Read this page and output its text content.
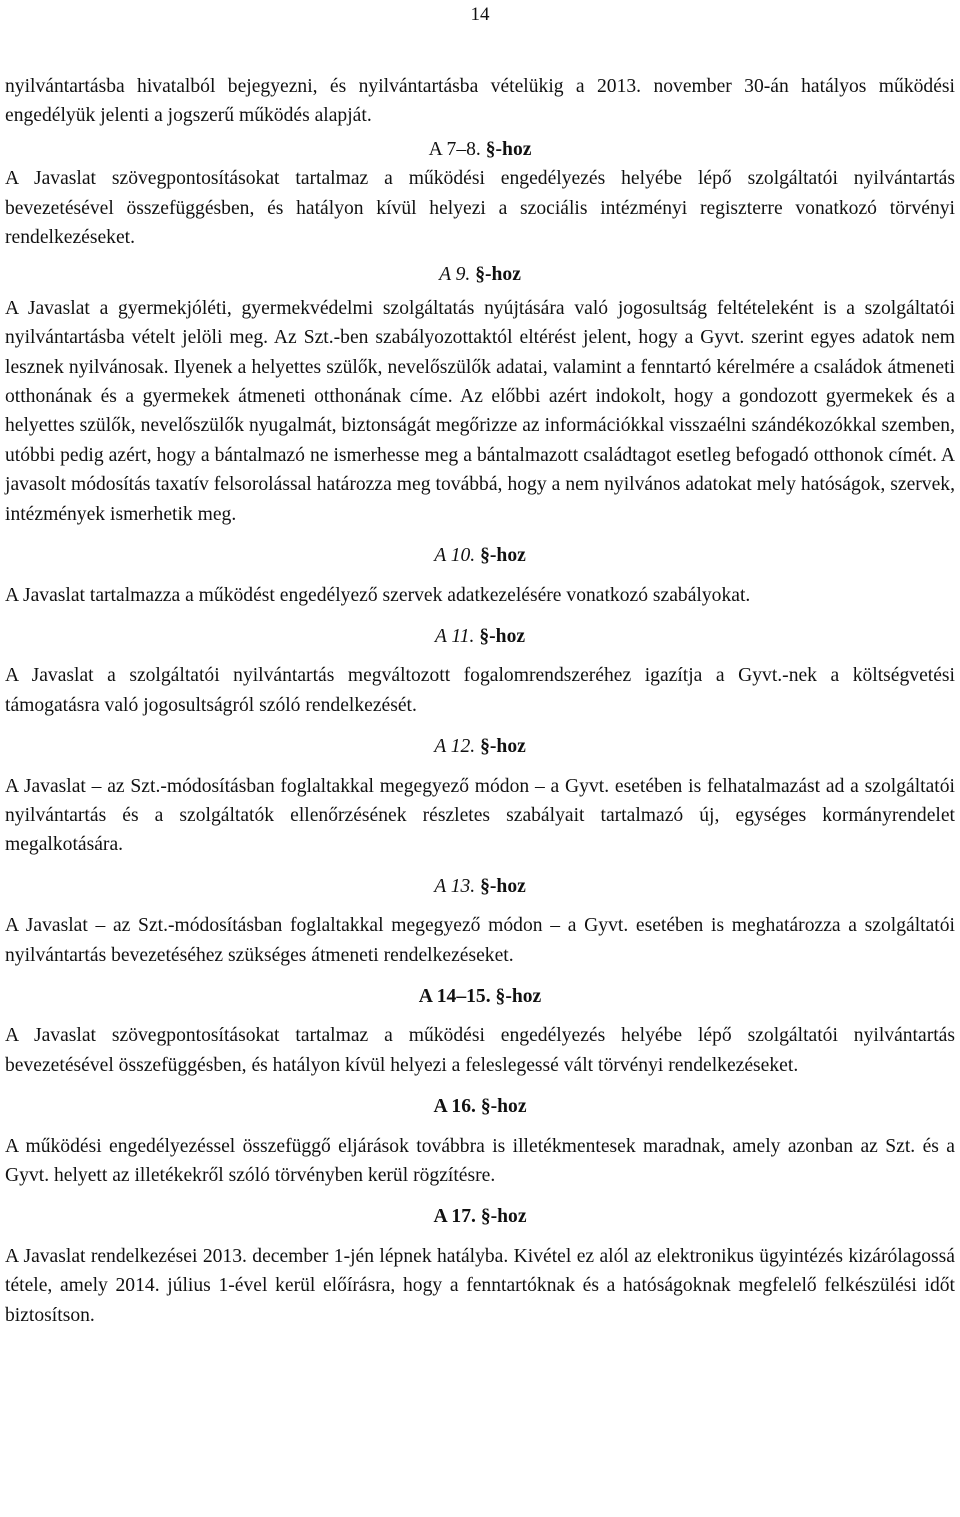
14

nyilvántartásba hivatalból bejegyezni, és nyilvántartásba vételükig a 2013. november 30-án hatályos működési engedélyük jelenti a jogszerű működés alapját.

A 7–8. §-hoz

A Javaslat szövegpontosításokat tartalmaz a működési engedélyezés helyébe lépő szolgáltatói nyilvántartás bevezetésével összefüggésben, és hatályon kívül helyezi a szociális intézményi regiszterre vonatkozó törvényi rendelkezéseket.

A 9. §-hoz

A Javaslat a gyermekjóléti, gyermekvédelmi szolgáltatás nyújtására való jogosultság feltételeként is a szolgáltatói nyilvántartásba vételt jelöli meg. Az Szt.-ben szabályozottaktól eltérést jelent, hogy a Gyvt. szerint egyes adatok nem lesznek nyilvánosak. Ilyenek a helyettes szülők, nevelőszülők adatai, valamint a fenntartó kérelmére a családok átmeneti otthonának és a gyermekek átmeneti otthonának címe. Az előbbi azért indokolt, hogy a gondozott gyermekek és a helyettes szülők, nevelőszülők nyugalmát, biztonságát megőrizze az információkkal visszaélni szándékozókkal szemben, utóbbi pedig azért, hogy a bántalmazó ne ismerhesse meg a bántalmazott családtagot esetleg befogadó otthonok címét. A javasolt módosítás taxatív felsorolással határozza meg továbbá, hogy a nem nyilvános adatokat mely hatóságok, szervek, intézmények ismerhetik meg.

A 10. §-hoz

A Javaslat tartalmazza a működést engedélyező szervek adatkezelésére vonatkozó szabályokat.

A 11. §-hoz

A Javaslat a szolgáltatói nyilvántartás megváltozott fogalomrendszeréhez igazítja a Gyvt.-nek a költségvetési támogatásra való jogosultságról szóló rendelkezését.

A 12. §-hoz

A Javaslat – az Szt.-módosításban foglaltakkal megegyező módon – a Gyvt. esetében is felhatalmazást ad a szolgáltatói nyilvántartás és a szolgáltatók ellenőrzésének részletes szabályait tartalmazó új, egységes kormányrendelet megalkotására.

A 13. §-hoz

A Javaslat – az Szt.-módosításban foglaltakkal megegyező módon – a Gyvt. esetében is meghatározza a szolgáltatói nyilvántartás bevezetéséhez szükséges átmeneti rendelkezéseket.

A 14–15. §-hoz

A Javaslat szövegpontosításokat tartalmaz a működési engedélyezés helyébe lépő szolgáltatói nyilvántartás bevezetésével összefüggésben, és hatályon kívül helyezi a feleslegessé vált törvényi rendelkezéseket.

A 16. §-hoz

A működési engedélyezéssel összefüggő eljárások továbbra is illetékmentesek maradnak, amely azonban az Szt. és a Gyvt. helyett az illetékekről szóló törvényben kerül rögzítésre.

A 17. §-hoz

A Javaslat rendelkezései 2013. december 1-jén lépnek hatályba. Kivétel ez alól az elektronikus ügyintézés kizárólagossá tétele, amely 2014. július 1-ével kerül előírásra, hogy a fenntartóknak és a hatóságoknak megfelelő felkészülési időt biztosítson.
